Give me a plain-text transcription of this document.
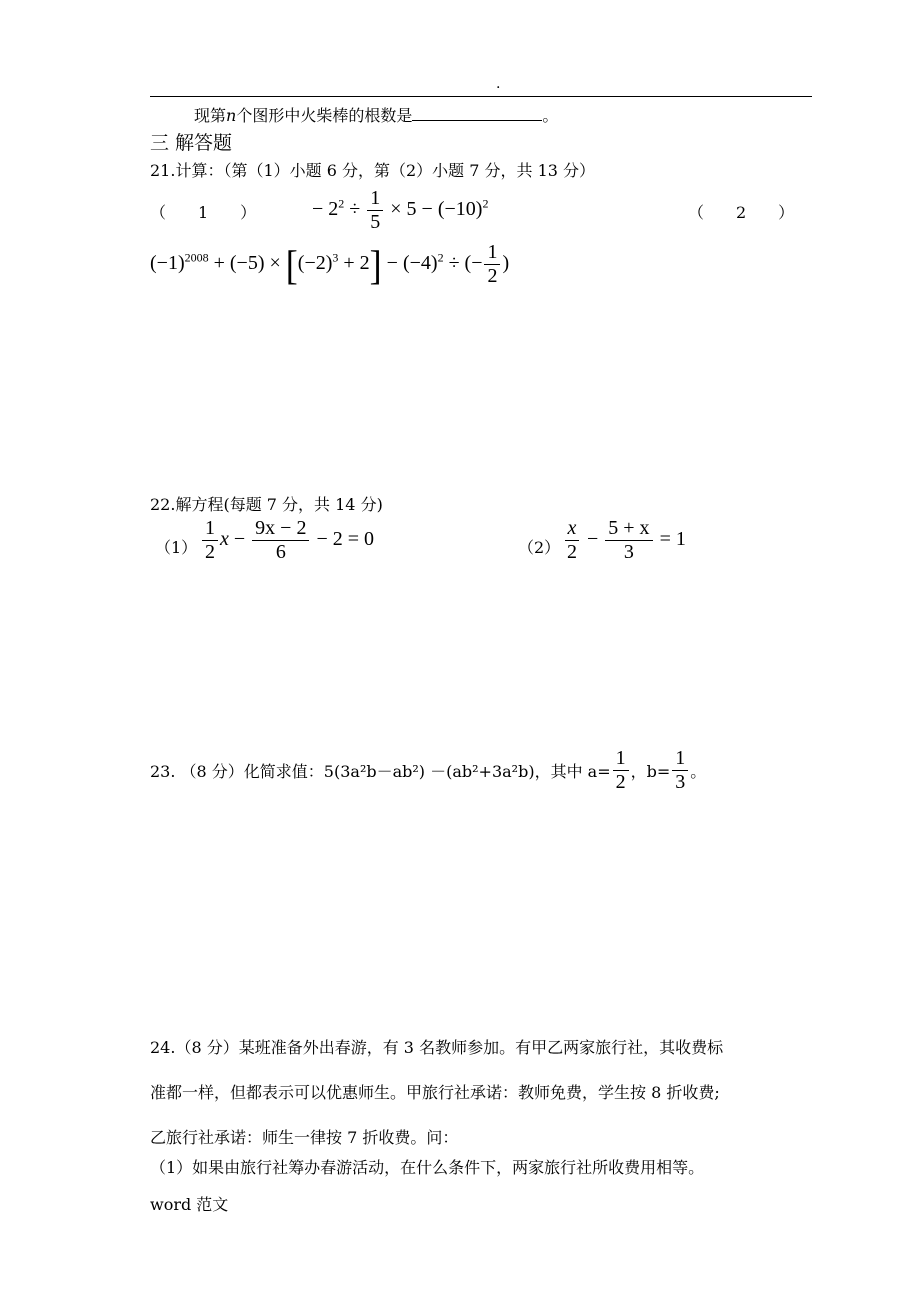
.
现第n个图形中火柴棒的根数是	。
三 解答题
21.计算：（第（1）小题 6 分，第（2）小题 7 分，共 13 分）
（　　1　　）	− $2^2 \div \frac{1}{5} \times 5 - (-10)^2$	（　　2　　）
$(-1)^{2008} + (-5) \times [(-2)^3 + 2] - (-4)^2$ ÷ (− $\frac{1}{2}$ )
22.解方程(每题 7 分，共 14 分)
$(1) \frac{1}{2}$ $x - \frac{9x - 2}{6} - 2 = 0$	$(2) \frac{x}{2} - \frac{5 + x}{3} = 1$
23. （8 分）化简求值：5(3a²b－ab²) －(ab²+3a²b)，其中 $a= \frac{1}{2}$ ，$b= \frac{1}{3}$ 。
24.（8 分）某班准备外出春游，有 3 名教师参加。有甲乙两家旅行社，其收费标
准都一样，但都表示可以优惠师生。甲旅行社承诺：教师免费，学生按 8 折收费;
乙旅行社承诺：师生一律按 7 折收费。问：
（1）如果由旅行社筹办春游活动，在什么条件下，两家旅行社所收费用相等。
word 范文
